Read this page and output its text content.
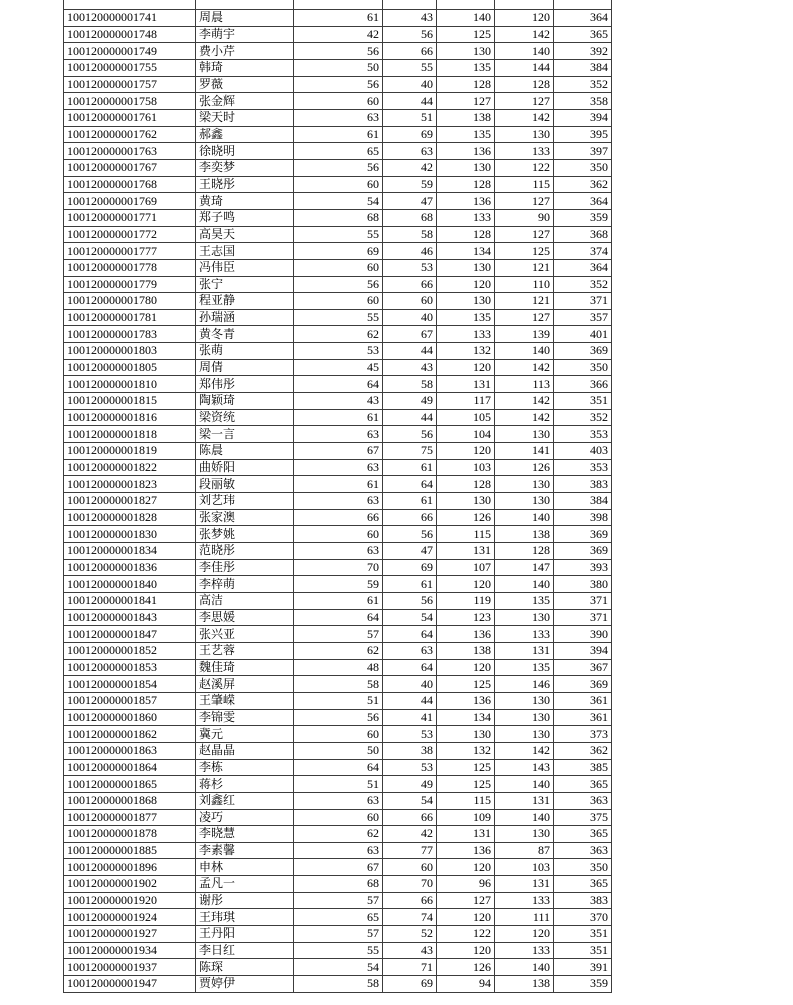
100120000001741	周晨	61	43	140	120	364
100120000001748	李萌宇	42	56	125	142	365
100120000001749	费小芹	56	66	130	140	392
100120000001755	韩琦	50	55	135	144	384
100120000001757	罗薇	56	40	128	128	352
100120000001758	张金辉	60	44	127	127	358
100120000001761	梁天时	63	51	138	142	394
100120000001762	郝鑫	61	69	135	130	395
100120000001763	徐晓明	65	63	136	133	397
100120000001767	李奕梦	56	42	130	122	350
100120000001768	王晓彤	60	59	128	115	362
100120000001769	黄琦	54	47	136	127	364
100120000001771	郑子鸣	68	68	133	90	359
100120000001772	高昊天	55	58	128	127	368
100120000001777	王志国	69	46	134	125	374
100120000001778	冯伟臣	60	53	130	121	364
100120000001779	张宁	56	66	120	110	352
100120000001780	程亚静	60	60	130	121	371
100120000001781	孙瑞涵	55	40	135	127	357
100120000001783	黄冬青	62	67	133	139	401
100120000001803	张萌	53	44	132	140	369
100120000001805	周倩	45	43	120	142	350
100120000001810	郑伟彤	64	58	131	113	366
100120000001815	陶颖琦	43	49	117	142	351
100120000001816	梁资统	61	44	105	142	352
100120000001818	梁一言	63	56	104	130	353
100120000001819	陈晨	67	75	120	141	403
100120000001822	曲娇阳	63	61	103	126	353
100120000001823	段丽敏	61	64	128	130	383
100120000001827	刘艺玮	63	61	130	130	384
100120000001828	张家澳	66	66	126	140	398
100120000001830	张梦姚	60	56	115	138	369
100120000001834	范晓彤	63	47	131	128	369
100120000001836	李佳彤	70	69	107	147	393
100120000001840	李梓萌	59	61	120	140	380
100120000001841	高洁	61	56	119	135	371
100120000001843	李思媛	64	54	123	130	371
100120000001847	张兴亚	57	64	136	133	390
100120000001852	王艺蓉	62	63	138	131	394
100120000001853	魏佳琦	48	64	120	135	367
100120000001854	赵溪屏	58	40	125	146	369
100120000001857	王肇嵘	51	44	136	130	361
100120000001860	李锦雯	56	41	134	130	361
100120000001862	冀元	60	53	130	130	373
100120000001863	赵晶晶	50	38	132	142	362
100120000001864	李栋	64	53	125	143	385
100120000001865	蒋杉	51	49	125	140	365
100120000001868	刘鑫红	63	54	115	131	363
100120000001877	凌巧	60	66	109	140	375
100120000001878	李晓慧	62	42	131	130	365
100120000001885	李素馨	63	77	136	87	363
100120000001896	申林	67	60	120	103	350
100120000001902	孟凡一	68	70	96	131	365
100120000001920	谢彤	57	66	127	133	383
100120000001924	王玮琪	65	74	120	111	370
100120000001927	王丹阳	57	52	122	120	351
100120000001934	李日红	55	43	120	133	351
100120000001937	陈琛	54	71	126	140	391
100120000001947	贾婷伊	58	69	94	138	359
